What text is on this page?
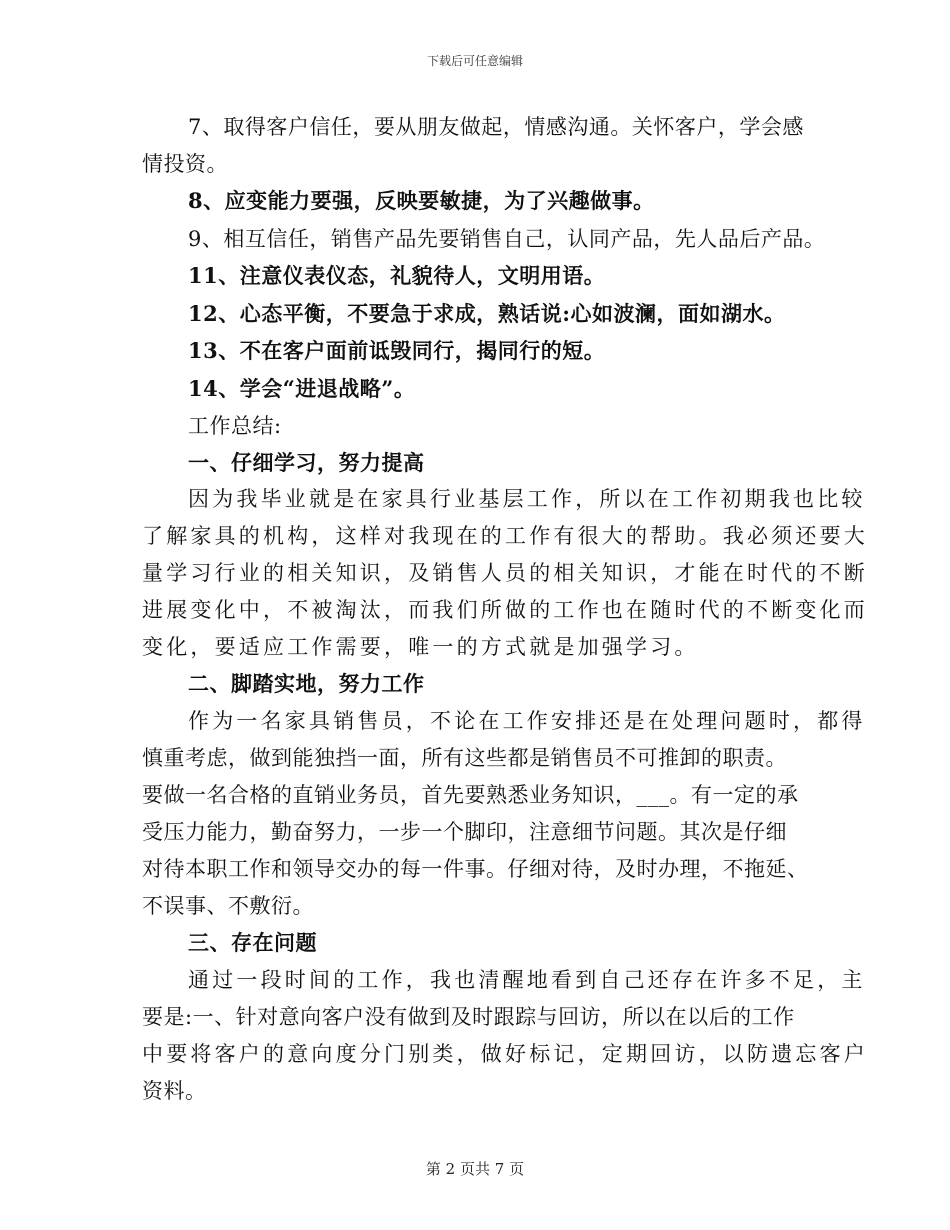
下载后可任意编辑
7、取得客户信任，要从朋友做起，情感沟通。关怀客户，学会感
情投资。
8、应变能力要强，反映要敏捷，为了兴趣做事。
9、相互信任，销售产品先要销售自己，认同产品，先人品后产品。
11、注意仪表仪态，礼貌待人，文明用语。
12、心态平衡，不要急于求成，熟话说:心如波澜，面如湖水。
13、不在客户面前诋毁同行，揭同行的短。
14、学会“进退战略”。
工作总结:
一、仔细学习，努力提高
因为我毕业就是在家具行业基层工作，所以在工作初期我也比较
了解家具的机构，这样对我现在的工作有很大的帮助。我必须还要大
量学习行业的相关知识，及销售人员的相关知识，才能在时代的不断
进展变化中，不被淘汰，而我们所做的工作也在随时代的不断变化而
变化，要适应工作需要，唯一的方式就是加强学习。
二、脚踏实地，努力工作
作为一名家具销售员，不论在工作安排还是在处理问题时，都得
慎重考虑，做到能独挡一面，所有这些都是销售员不可推卸的职责。
要做一名合格的直销业务员，首先要熟悉业务知识，___。有一定的承
受压力能力，勤奋努力，一步一个脚印，注意细节问题。其次是仔细
对待本职工作和领导交办的每一件事。仔细对待，及时办理，不拖延、
不误事、不敷衍。
三、存在问题
通过一段时间的工作，我也清醒地看到自己还存在许多不足，主
要是:一、针对意向客户没有做到及时跟踪与回访，所以在以后的工作
中要将客户的意向度分门别类，做好标记，定期回访，以防遗忘客户
资料。
第 2 页共 7 页
